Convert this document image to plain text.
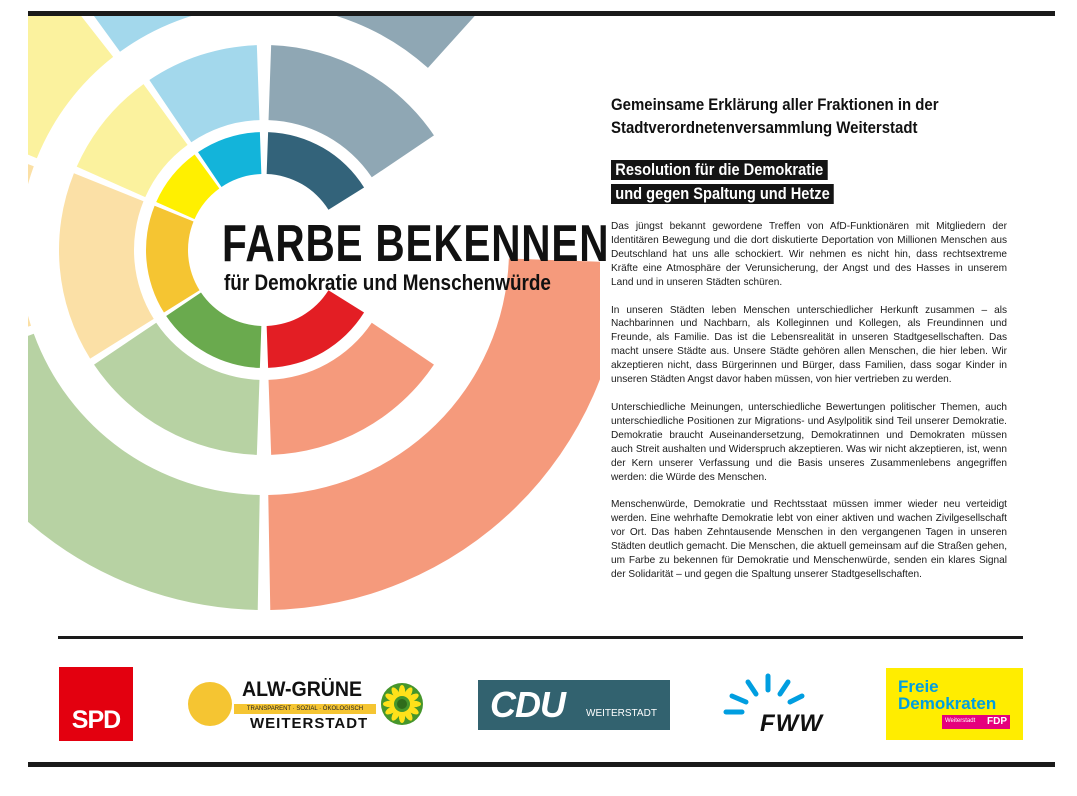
FARBE BEKENNEN
für Demokratie und Menschenwürde
Gemeinsame Erklärung aller Fraktionen in der Stadtverordnetenversammlung Weiterstadt
Resolution für die Demokratie
und gegen Spaltung und Hetze

Das jüngst bekannt gewordene Treffen von AfD-Funktionären mit Mitgliedern der Identitären Bewegung und die dort diskutierte Deportation von Millionen Menschen aus Deutschland hat uns alle schockiert. Wir nehmen es nicht hin, dass rechtsextreme Kräfte eine Atmosphäre der Verunsicherung, der Angst und des Hasses in unserem Land und in unseren Städten schüren.

In unseren Städten leben Menschen unterschiedlicher Herkunft zusammen – als Nachbarinnen und Nachbarn, als Kolleginnen und Kollegen, als Freundinnen und Freunde, als Familie. Das ist die Lebensrealität in unseren Stadtgesellschaften. Das macht unsere Städte aus. Unsere Städte gehören allen Menschen, die hier leben. Wir akzeptieren nicht, dass Bürgerinnen und Bürger, dass Familien, dass sogar Kinder in unseren Städten Angst davor haben müssen, von hier vertrieben zu werden.

Unterschiedliche Meinungen, unterschiedliche Bewertungen politischer Themen, auch unterschiedliche Positionen zur Migrations- und Asylpolitik sind Teil unserer Demokratie. Demokratie braucht Auseinandersetzung, Demokratinnen und Demokraten müssen auch Streit aushalten und Widerspruch akzeptieren. Was wir nicht akzeptieren, ist, wenn der Kern unserer Verfassung und die Basis unseres Zusammenlebens angegriffen werden: die Würde des Menschen.

Menschenwürde, Demokratie und Rechtsstaat müssen immer wieder neu verteidigt werden. Eine wehrhafte Demokratie lebt von einer aktiven und wachen Zivilgesellschaft vor Ort. Das haben Zehntausende Menschen in den vergangenen Tagen in unseren Städten deutlich gemacht. Die Menschen, die aktuell gemeinsam auf die Straßen gehen, um Farbe zu bekennen für Demokratie und Menschenwürde, senden ein klares Signal der Solidarität – und gegen die Spaltung unserer Stadtgesellschaften.

SPD
ALW-GRÜNE
TRANSPARENT · SOZIAL · ÖKOLOGISCH
WEITERSTADT	CDU WEITERSTADT	FWW
Freie
Demokraten
Weiterstadt FDP
